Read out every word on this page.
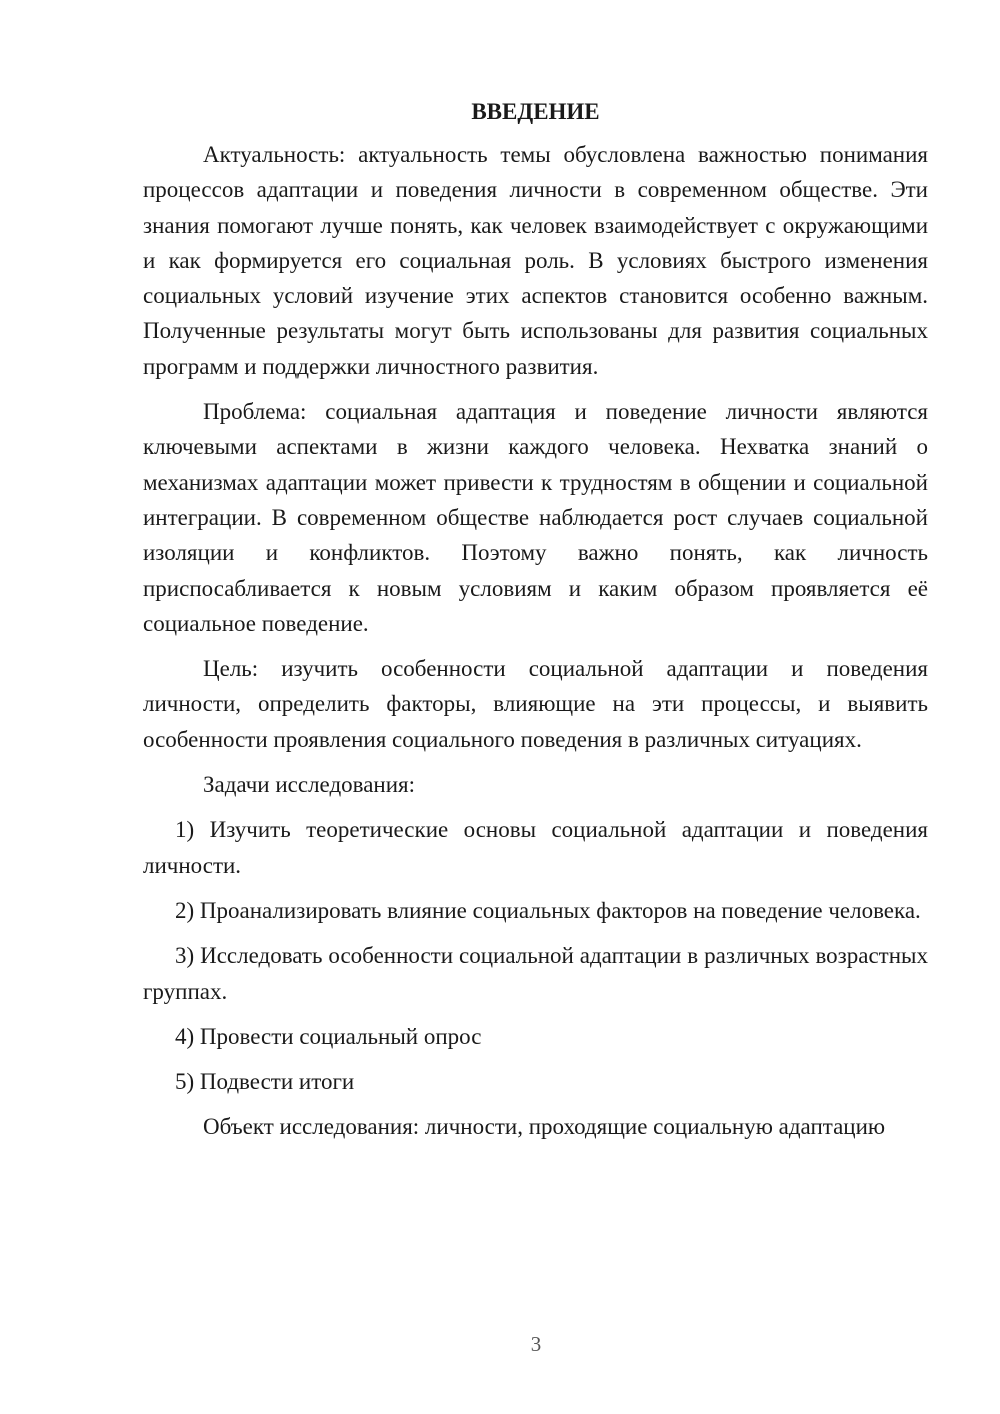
ВВЕДЕНИЕ

Актуальность: актуальность темы обусловлена важностью понимания процессов адаптации и поведения личности в современном обществе. Эти знания помогают лучше понять, как человек взаимодействует с окружающими и как формируется его социальная роль. В условиях быстрого изменения социальных условий изучение этих аспектов становится особенно важным. Полученные результаты могут быть использованы для развития социальных программ и поддержки личностного развития.

Проблема: социальная адаптация и поведение личности являются ключевыми аспектами в жизни каждого человека. Нехватка знаний о механизмах адаптации может привести к трудностям в общении и социальной интеграции. В современном обществе наблюдается рост случаев социальной изоляции и конфликтов. Поэтому важно понять, как личность приспосабливается к новым условиям и каким образом проявляется её социальное поведение.

Цель: изучить особенности социальной адаптации и поведения личности, определить факторы, влияющие на эти процессы, и выявить особенности проявления социального поведения в различных ситуациях.

Задачи исследования:

1) Изучить теоретические основы социальной адаптации и поведения личности.

2) Проанализировать влияние социальных факторов на поведение человека.

3) Исследовать особенности социальной адаптации в различных возрастных группах.

4) Провести социальный опрос

5) Подвести итоги

Объект исследования: личности, проходящие социальную адаптацию

3
